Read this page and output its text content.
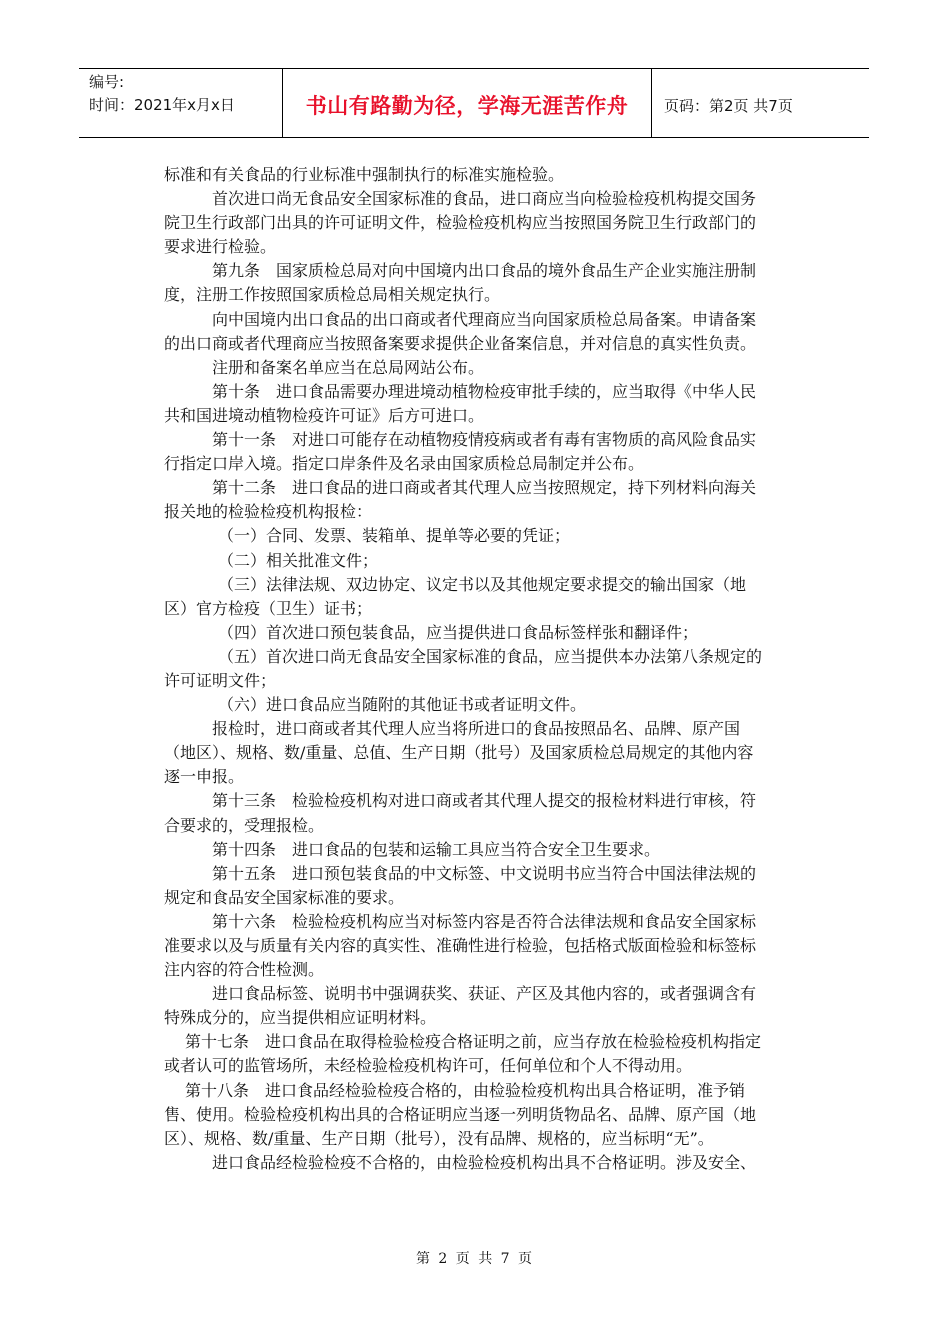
编号:
时间：2021年x月x日	书山有路勤为径，学海无涯苦作舟 页码：第2页 共7页
标准和有关食品的行业标准中强制执行的标准实施检验。
首次进口尚无食品安全国家标准的食品，进口商应当向检验检疫机构提交国务
院卫生行政部门出具的许可证明文件，检验检疫机构应当按照国务院卫生行政部门的
要求进行检验。
第九条　国家质检总局对向中国境内出口食品的境外食品生产企业实施注册制
度，注册工作按照国家质检总局相关规定执行。
向中国境内出口食品的出口商或者代理商应当向国家质检总局备案。申请备案
的出口商或者代理商应当按照备案要求提供企业备案信息，并对信息的真实性负责。
注册和备案名单应当在总局网站公布。
第十条　进口食品需要办理进境动植物检疫审批手续的，应当取得《中华人民
共和国进境动植物检疫许可证》后方可进口。
第十一条　对进口可能存在动植物疫情疫病或者有毒有害物质的高风险食品实
行指定口岸入境。指定口岸条件及名录由国家质检总局制定并公布。
第十二条　进口食品的进口商或者其代理人应当按照规定，持下列材料向海关
报关地的检验检疫机构报检：
（一）合同、发票、装箱单、提单等必要的凭证；
（二）相关批准文件；
（三）法律法规、双边协定、议定书以及其他规定要求提交的输出国家（地
区）官方检疫（卫生）证书；
（四）首次进口预包装食品，应当提供进口食品标签样张和翻译件；
（五）首次进口尚无食品安全国家标准的食品，应当提供本办法第八条规定的
许可证明文件；
（六）进口食品应当随附的其他证书或者证明文件。
报检时，进口商或者其代理人应当将所进口的食品按照品名、品牌、原产国
（地区）、规格、数/重量、总值、生产日期（批号）及国家质检总局规定的其他内容
逐一申报。
第十三条　检验检疫机构对进口商或者其代理人提交的报检材料进行审核，符
合要求的，受理报检。
第十四条　进口食品的包装和运输工具应当符合安全卫生要求。
第十五条　进口预包装食品的中文标签、中文说明书应当符合中国法律法规的
规定和食品安全国家标准的要求。
第十六条　检验检疫机构应当对标签内容是否符合法律法规和食品安全国家标
准要求以及与质量有关内容的真实性、准确性进行检验，包括格式版面检验和标签标
注内容的符合性检测。
进口食品标签、说明书中强调获奖、获证、产区及其他内容的，或者强调含有
特殊成分的，应当提供相应证明材料。
第十七条　进口食品在取得检验检疫合格证明之前，应当存放在检验检疫机构指定
或者认可的监管场所，未经检验检疫机构许可，任何单位和个人不得动用。
第十八条　进口食品经检验检疫合格的，由检验检疫机构出具合格证明，准予销
售、使用。检验检疫机构出具的合格证明应当逐一列明货物品名、品牌、原产国（地
区）、规格、数/重量、生产日期（批号），没有品牌、规格的，应当标明“无”。
进口食品经检验检疫不合格的，由检验检疫机构出具不合格证明。涉及安全、
第 2 页 共 7 页
